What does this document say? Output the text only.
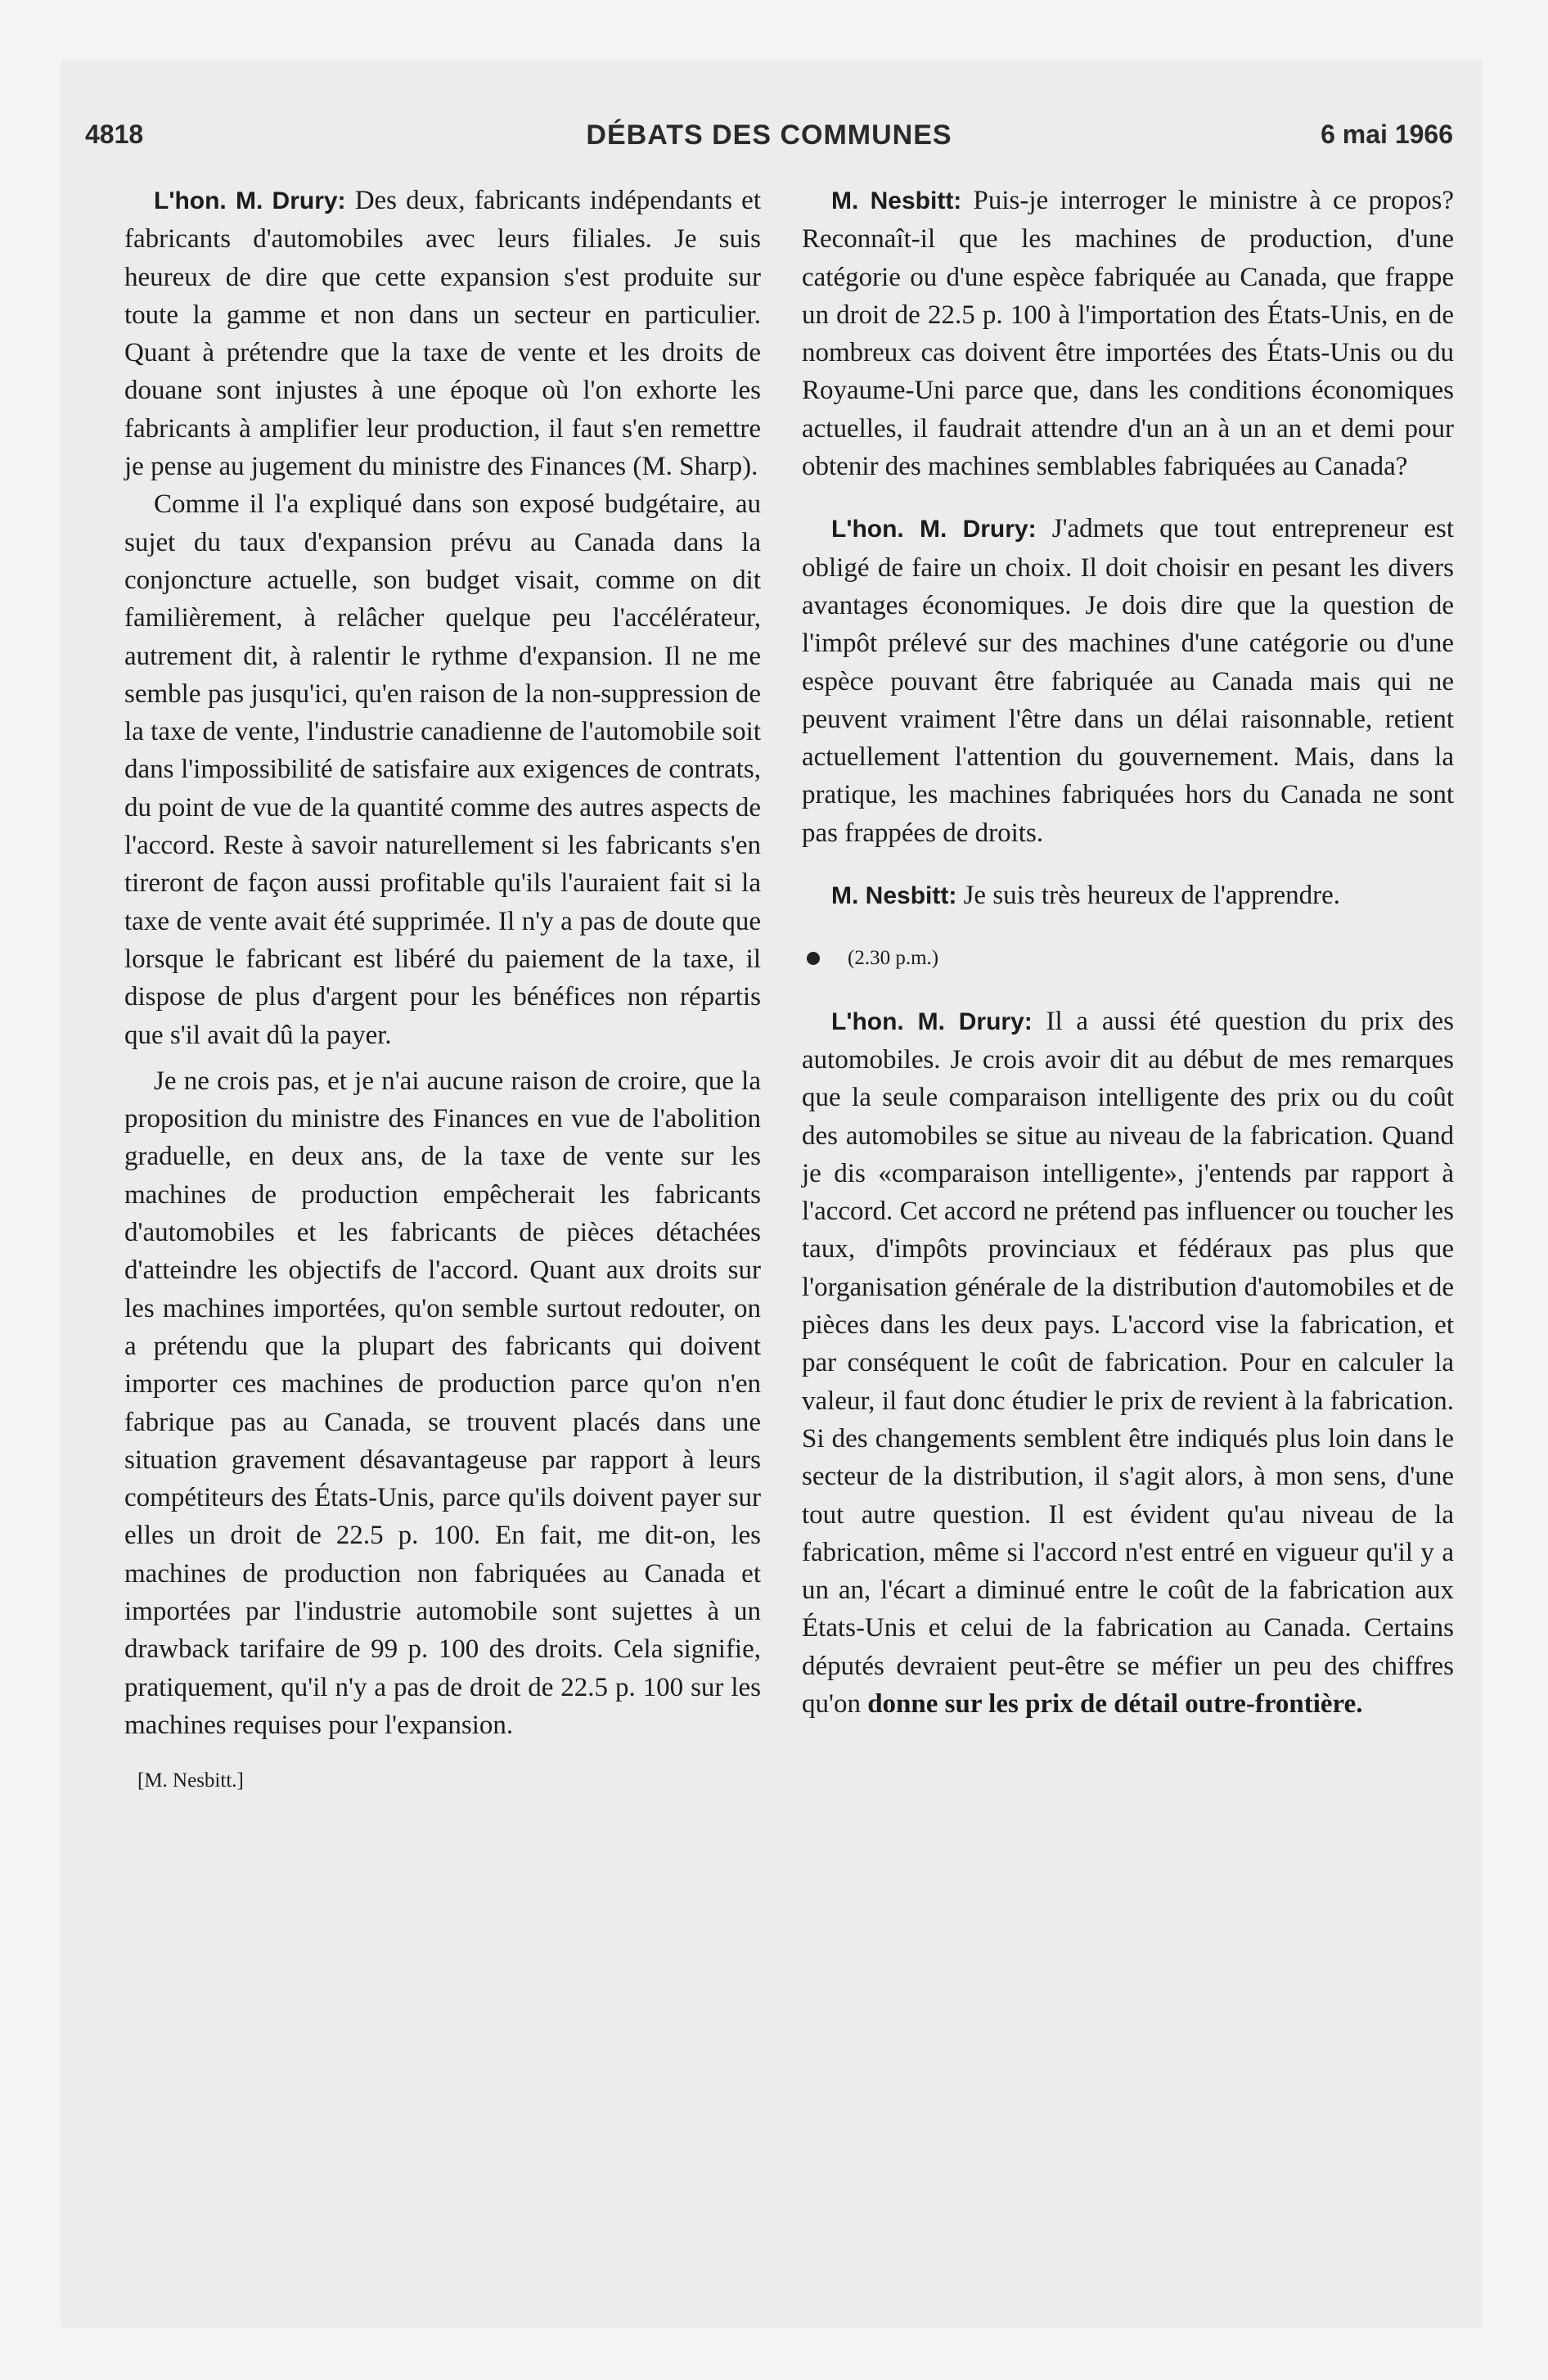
4818	DÉBATS DES COMMUNES	6 mai 1966

L'hon. M. Drury: Des deux, fabricants indépendants et fabricants d'automobiles avec leurs filiales. Je suis heureux de dire que cette expansion s'est produite sur toute la gamme et non dans un secteur en particulier. Quant à prétendre que la taxe de vente et les droits de douane sont injustes à une époque où l'on exhorte les fabricants à amplifier leur production, il faut s'en remettre je pense au jugement du ministre des Finances (M. Sharp).

Comme il l'a expliqué dans son exposé budgétaire, au sujet du taux d'expansion prévu au Canada dans la conjoncture actuelle, son budget visait, comme on dit familièrement, à relâcher quelque peu l'accélérateur, autrement dit, à ralentir le rythme d'expansion. Il ne me semble pas jusqu'ici, qu'en raison de la non-suppression de la taxe de vente, l'industrie canadienne de l'automobile soit dans l'impossibilité de satisfaire aux exigences de contrats, du point de vue de la quantité comme des autres aspects de l'accord. Reste à savoir naturellement si les fabricants s'en tireront de façon aussi profitable qu'ils l'auraient fait si la taxe de vente avait été supprimée. Il n'y a pas de doute que lorsque le fabricant est libéré du paiement de la taxe, il dispose de plus d'argent pour les bénéfices non répartis que s'il avait dû la payer.

Je ne crois pas, et je n'ai aucune raison de croire, que la proposition du ministre des Finances en vue de l'abolition graduelle, en deux ans, de la taxe de vente sur les machines de production empêcherait les fabricants d'automobiles et les fabricants de pièces détachées d'atteindre les objectifs de l'accord. Quant aux droits sur les machines importées, qu'on semble surtout redouter, on a prétendu que la plupart des fabricants qui doivent importer ces machines de production parce qu'on n'en fabrique pas au Canada, se trouvent placés dans une situation gravement désavantageuse par rapport à leurs compétiteurs des États-Unis, parce qu'ils doivent payer sur elles un droit de 22.5 p. 100. En fait, me dit-on, les machines de production non fabriquées au Canada et importées par l'industrie automobile sont sujettes à un drawback tarifaire de 99 p. 100 des droits. Cela signifie, pratiquement, qu'il n'y a pas de droit de 22.5 p. 100 sur les machines requises pour l'expansion.

[M. Nesbitt.]

M. Nesbitt: Puis-je interroger le ministre à ce propos? Reconnaît-il que les machines de production, d'une catégorie ou d'une espèce fabriquée au Canada, que frappe un droit de 22.5 p. 100 à l'importation des États-Unis, en de nombreux cas doivent être importées des États-Unis ou du Royaume-Uni parce que, dans les conditions économiques actuelles, il faudrait attendre d'un an à un an et demi pour obtenir des machines semblables fabriquées au Canada?

L'hon. M. Drury: J'admets que tout entrepreneur est obligé de faire un choix. Il doit choisir en pesant les divers avantages économiques. Je dois dire que la question de l'impôt prélevé sur des machines d'une catégorie ou d'une espèce pouvant être fabriquée au Canada mais qui ne peuvent vraiment l'être dans un délai raisonnable, retient actuellement l'attention du gouvernement. Mais, dans la pratique, les machines fabriquées hors du Canada ne sont pas frappées de droits.

M. Nesbitt: Je suis très heureux de l'apprendre.

(2.30 p.m.)

L'hon. M. Drury: Il a aussi été question du prix des automobiles. Je crois avoir dit au début de mes remarques que la seule comparaison intelligente des prix ou du coût des automobiles se situe au niveau de la fabrication. Quand je dis «comparaison intelligente», j'entends par rapport à l'accord. Cet accord ne prétend pas influencer ou toucher les taux, d'impôts provinciaux et fédéraux pas plus que l'organisation générale de la distribution d'automobiles et de pièces dans les deux pays. L'accord vise la fabrication, et par conséquent le coût de fabrication. Pour en calculer la valeur, il faut donc étudier le prix de revient à la fabrication. Si des changements semblent être indiqués plus loin dans le secteur de la distribution, il s'agit alors, à mon sens, d'une tout autre question. Il est évident qu'au niveau de la fabrication, même si l'accord n'est entré en vigueur qu'il y a un an, l'écart a diminué entre le coût de la fabrication aux États-Unis et celui de la fabrication au Canada. Certains députés devraient peut-être se méfier un peu des chiffres qu'on donne sur les prix de détail outre-frontière.
